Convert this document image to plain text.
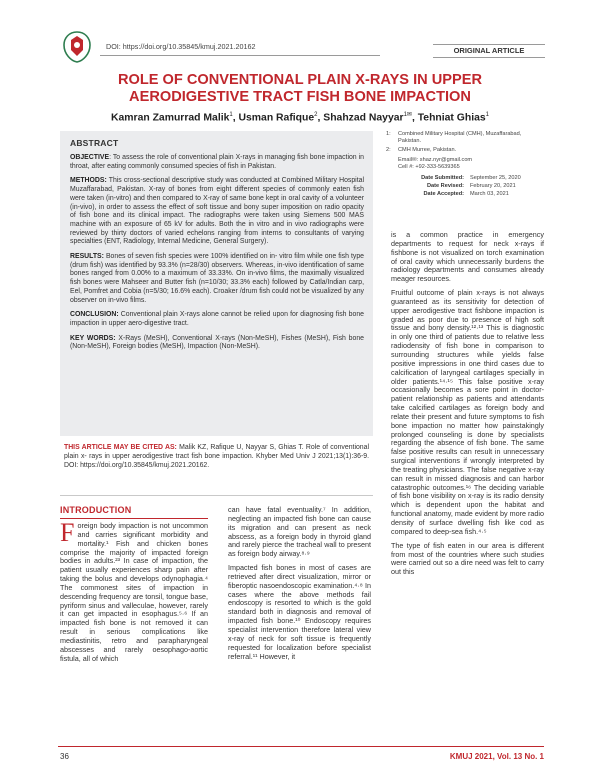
DOI: https://doi.org/10.35845/kmuj.2021.20162	ORIGINAL ARTICLE
ROLE OF CONVENTIONAL PLAIN X-RAYS IN UPPER
AERODIGESTIVE TRACT FISH BONE IMPACTION
Kamran Zamurrad Malik$^1$, Usman Rafique$^2$, Shahzad Nayyar$^{1✉}$, Tehniat Ghias$^1$
ABSTRACT

OBJECTIVE: To assess the role of conventional plain X-rays in managing fish bone impaction in throat, after eating commonly consumed species of fish in Pakistan.

METHODS: This cross-sectional descriptive study was conducted at Combined Military Hospital Muzaffarabad, Pakistan. X-ray of bones from eight different species of commonly eaten fish were taken (in-vitro) and then compared to X-ray of same bone kept in oral cavity of a volunteer (in-vivo), in order to assess the effect of soft tissue and bony super imposition on radio opacity of fish bone and its clinical impact. The radiographs were taken using Siemens 500 MAS machine with an exposure of 65 kV for adults. Both the in vitro and in vivo radiographs were reviewed by thirty doctors of varied echelons ranging from interns to consultants of varying specialties (ENT, Radiology, Internal Medicine, General Surgery).

RESULTS: Bones of seven fish species were 100% identified on in- vitro film while one fish type (drum fish) was identified by 93.3% (n=28/30) observers. Whereas, in-vivo identification of same bones ranged from 0.00% to a maximum of 33.33%. On in-vivo films, the maximally visualized fish bones were Mahseer and Butter fish (n=10/30; 33.3% each) followed by Catla/Indian carp, Eel, Pomfret and Cobia (n=5/30; 16.6% each). Croaker /drum fish could not be visualized by any observer on in-vivo films.

CONCLUSION: Conventional plain X-rays alone cannot be relied upon for diagnosing fish bone impaction in upper aero-digestive tract.

KEY WORDS: X-Rays (MeSH), Conventional X-rays (Non-MeSH), Fishes (MeSH), Fish bone (Non-MeSH), Foreign bodies (MeSH), Impaction (Non-MeSH).

THIS ARTICLE MAY BE CITED AS: Malik KZ, Rafique U, Nayyar S, Ghias T. Role of conventional plain x- rays in upper aerodigestive tract fish bone impaction. Khyber Med Univ J 2021;13(1):36-9. DOI: https://doi.org/10.35845/kmuj.2021.20162.
1:	Combined Military Hospital (CMH), Muzaffarabad, Pakistan.
2:	CMH Murree, Pakistan.
Email✉: shaz.nyr@gmail.com
Cell #: +92-333-5639365
Date Submitted:	September 25, 2020
Date Revised:	February 20, 2021
Date Accepted:	March 03, 2021
INTRODUCTION

Foreign body impaction is not uncommon and carries significant morbidity and mortality.¹ Fish and chicken bones comprise the majority of impacted foreign bodies in adults.²³ In case of impaction, the patient usually experiences sharp pain after taking the bolus and develops odynophagia.⁴ The commonest sites of impaction in descending frequency are tonsil, tongue base, pyriform sinus and valleculae, however, rarely it can get impacted in esophagus.⁵·⁶ If an impacted fish bone is not removed it can result in serious complications like mediastinitis, retro and parapharyngeal abscesses and rarely oesophago-aortic fistula, all of which

can have fatal eventuality.⁷ In addition, neglecting an impacted fish bone can cause its migration and can present as neck abscess, as a foreign body in thyroid gland and rarely pierce the tracheal wall to present as foreign body airway.⁸·⁹

Impacted fish bones in most of cases are retrieved after direct visualization, mirror or fiberoptic nasoendoscopic examination.⁴·⁸ In cases where the above methods fail endoscopy is resorted to which is the gold standard both in diagnosis and removal of impacted fish bone.¹⁰ Endoscopy requires specialist intervention therefore lateral view x-ray of neck for soft tissue is frequently requested for localization before specialist referral.¹¹ However, it

is a common practice in emergency departments to request for neck x-rays if fishbone is not visualized on torch examination of oral cavity which unnecessarily burdens the radiology departments and consumes already meager resources.

Fruitful outcome of plain x-rays is not always guaranteed as its sensitivity for detection of upper aerodigestive tract fishbone impaction is graded as poor due to presence of high soft tissue and bony density.¹²·¹³ This is diagnostic in only one third of patients due to relative less radiodensity of fish bone in comparison to surrounding structures while yields false positive impressions in one third cases due to calcification of laryngeal cartilages specially in older patients.¹⁴·¹⁵ This false positive x-ray occasionally becomes a sore point in doctor-patient relationship as patients and attendants take calcified cartilages as foreign body and relate their present and future symptoms to fish bone impaction no matter how painstakingly prolonged counseling is done by specialists regarding the absence of fish bone. The same false positive results can result in unnecessary surgical interventions if wrongly interpreted by the treating physicians. The false negative x-ray can result in missed diagnosis and can harbor catastrophic outcomes.¹⁶ The deciding variable of fish bone visibility on x-ray is its radio density which is dependent upon the habitat and functional anatomy, made evident by more radio density of surface dwelling fish like cod as compared to deep-sea fish.⁴·⁵

The type of fish eaten in our area is different from most of the countries where such studies were carried out so a dire need was felt to carry out this

36	KMUJ 2021, Vol. 13 No. 1
